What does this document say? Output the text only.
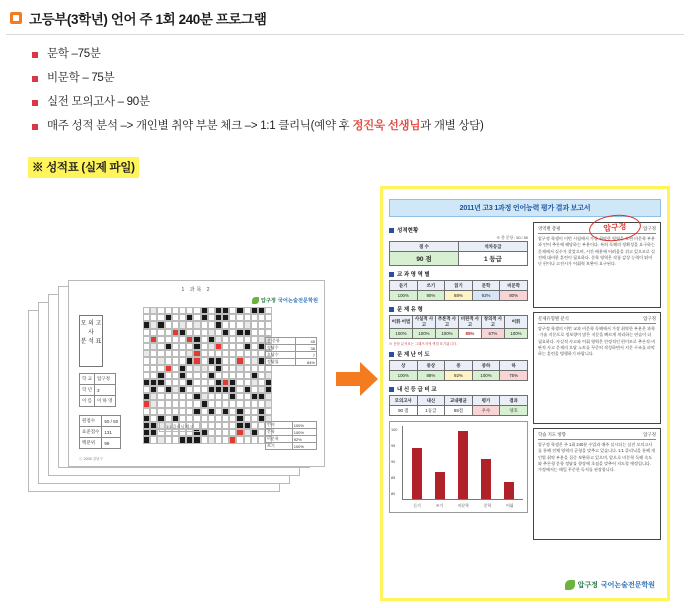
고등부(3학년) 언어 주 1회 240분 프로그램
문학 –75분
비문학 – 75분
실전 모의고사 – 90분
매주 성적 분석 –> 개인별 취약 부분 체크 –> 1:1 클리닉(예약 후 정진욱 선생님과 개별 상담)
※ 성적표 (실제 파일)
1 과목 2
압구정 국어논술전문학원
모 의 고 사
분 석 표
학 교	압구정
학 년	3
이 름	이 하 영
원점수	50 / 50
표준점수	131
백분위	99
총 문항	45
정답수	38
오답수	7
정답률	84%
언어	100%
문학	100%
비문학	92%
쓰기	100%
1:1 클리닉 체크
ⓒ 2008 강남구
2011년 고3 1과정 언어능력 평가 결과 보고서
압구정
성적현황
※ 총 문항 : 50 / 50
점 수	석차등급
90 점	1 등급
교 과 영 역 별
듣기	쓰기	읽기	문학	비문학
100%	90%	88%	92%	80%
문 제 유 형
어휘·어법	사실적 사고	추론적 사고	비판적 사고	창의적 사고	어휘
100%	100%	100%	85%	67%	100%
※ 문항 분석표는 그래프지에 색칠 표기됩니다.
문 제 난 이 도
상	중상	중	중하	하
100%	88%	92%	100%	75%
내 신 등 급 비 교
모의고사	내신	교내평균	평가	결과
90 점	1등급	88점	우수	양호
100
95
90
85
80
듣기	쓰기	비문학	문학	어휘
영역별 총평	압구정
압구정 학생이 이번 시험에서 가장 취약한 영역을 보면 비문학 부분과 언어 추론에 해당하는 부분이다. 특히 독해의 정확성을 요구하는 문제에서 실수가 잦았으며, 시간 배분에 어려움을 겪고 있으므로 실전에 대비한 훈련이 필요하다. 문학 영역은 작품 감상 능력이 뛰어난 편이나 고전시가 어휘력 보완이 요구된다.
문제유형별 분석	압구정
압구정 학생의 이번 교과 비문학 독해에서 가장 취약한 부분은 과학·기술 지문으로 정보량이 많은 지문을 빠르게 처리하는 연습이 더 필요하다. 사실적 사고와 어휘 영역은 안정적인 편이므로 추론적·비판적 사고 문제의 오답 노트를 꾸준히 작성하면서 지문 구조를 파악하는 훈련을 병행하기 바랍니다.
학습 지도 방향	압구정
압구정 학생은 주 1회 240분 수업과 매주 실시되는 실전 모의고사를 통해 전체 영역의 균형을 맞추고 있습니다. 1:1 클리닉을 통해 개인별 취약 부분을 집중 보완하고 있으며, 앞으로 비문학 독해 속도와 추론형 문항 정답률 향상에 초점을 맞추어 지도할 예정입니다. 가정에서는 매일 꾸준한 독서를 권장합니다.
압구정 국어논술전문학원
